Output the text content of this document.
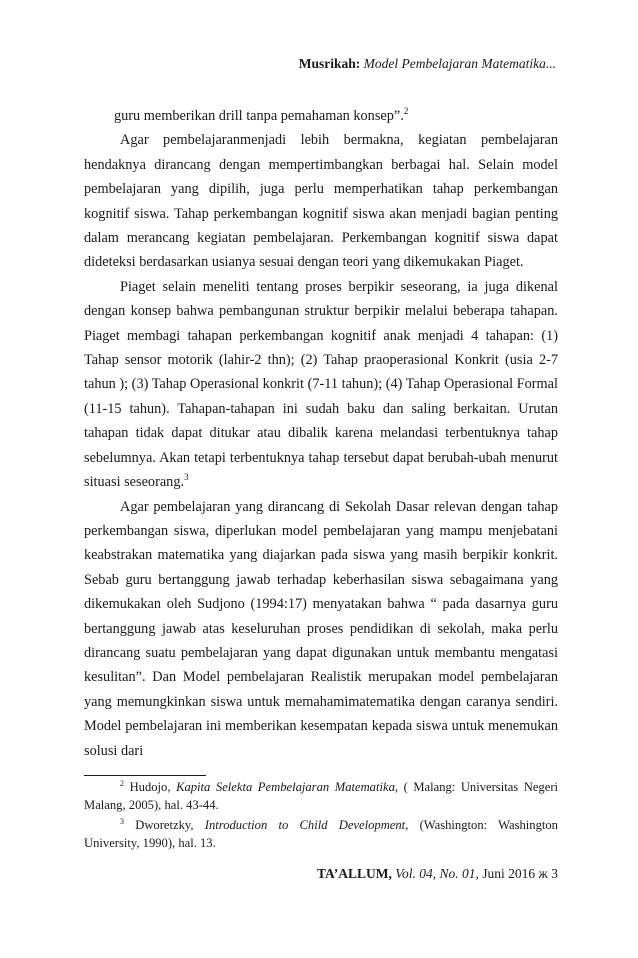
Musrikah: Model Pembelajaran Matematika...

guru memberikan drill tanpa pemahaman konsep”.$^2$

Agar pembelajaranmenjadi lebih bermakna, kegiatan pembelajaran hendaknya dirancang dengan mempertimbangkan berbagai hal. Selain model pembelajaran yang dipilih, juga perlu memperhatikan tahap perkembangan kognitif siswa. Tahap perkembangan kognitif siswa akan menjadi bagian penting dalam merancang kegiatan pembelajaran. Perkembangan kognitif siswa dapat dideteksi berdasarkan usianya sesuai dengan teori yang dikemukakan Piaget.

Piaget selain meneliti tentang proses berpikir seseorang, ia juga dikenal dengan konsep bahwa pembangunan struktur berpikir melalui beberapa tahapan. Piaget membagi tahapan perkembangan kognitif anak menjadi 4 tahapan: (1) Tahap sensor motorik (lahir-2 thn); (2) Tahap praoperasional Konkrit (usia 2-7 tahun ); (3) Tahap Operasional konkrit (7-11 tahun); (4) Tahap Operasional Formal (11-15 tahun). Tahapan-tahapan ini sudah baku dan saling berkaitan. Urutan tahapan tidak dapat ditukar atau dibalik karena melandasi terbentuknya tahap sebelumnya. Akan tetapi terbentuknya tahap tersebut dapat berubah-ubah menurut situasi seseorang.$^3$

Agar pembelajaran yang dirancang di Sekolah Dasar relevan dengan tahap perkembangan siswa, diperlukan model pembelajaran yang mampu menjebatani keabstrakan matematika yang diajarkan pada siswa yang masih berpikir konkrit. Sebab guru bertanggung jawab terhadap keberhasilan siswa sebagaimana yang dikemukakan oleh Sudjono (1994:17) menyatakan bahwa “ pada dasarnya guru bertanggung jawab atas keseluruhan proses pendidikan di sekolah, maka perlu dirancang suatu pembelajaran yang dapat digunakan untuk membantu mengatasi kesulitan”. Dan Model pembelajaran Realistik merupakan model pembelajaran yang memungkinkan siswa untuk memahamimatematika dengan caranya sendiri. Model pembelajaran ini memberikan kesempatan kepada siswa untuk menemukan solusi dari

$^2$ Hudojo, Kapita Selekta Pembelajaran Matematika, ( Malang: Universitas Negeri Malang, 2005), hal. 43-44.

$^3$ Dworetzky, Introduction to Child Development, (Washington: Washington University, 1990), hal. 13.

TA’ALLUM, Vol. 04, No. 01, Juni 2016 ж 3
